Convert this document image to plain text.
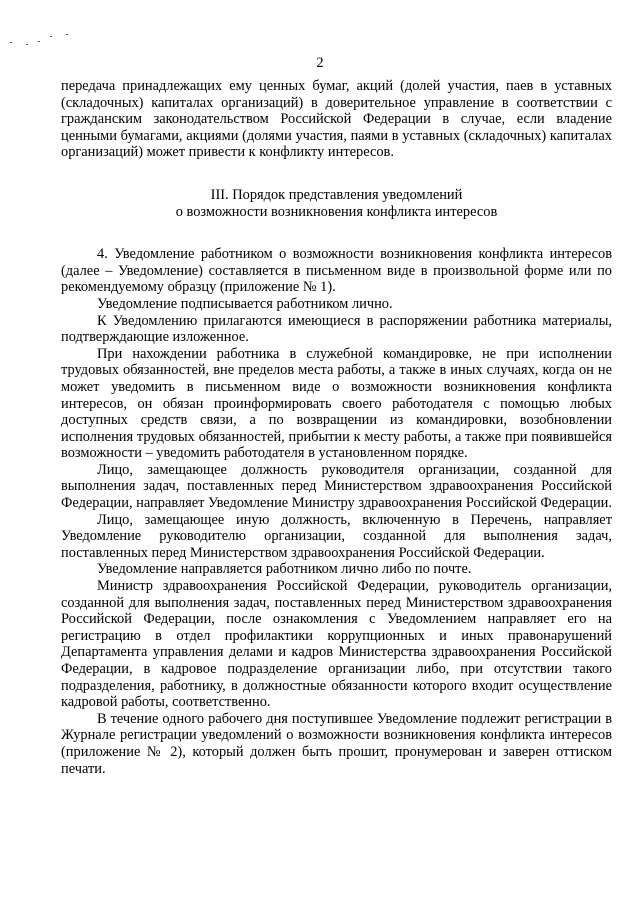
2

передача принадлежащих ему ценных бумаг, акций (долей участия, паев в уставных (складочных) капиталах организаций) в доверительное управление в соответствии с гражданским законодательством Российской Федерации в случае, если владение ценными бумагами, акциями (долями участия, паями в уставных (складочных) капиталах организаций) может привести к конфликту интересов.

III. Порядок представления уведомлений
о возможности возникновения конфликта интересов

4. Уведомление работником о возможности возникновения конфликта интересов (далее – Уведомление) составляется в письменном виде в произвольной форме или по рекомендуемому образцу (приложение № 1).

Уведомление подписывается работником лично.

К Уведомлению прилагаются имеющиеся в распоряжении работника материалы, подтверждающие изложенное.

При нахождении работника в служебной командировке, не при исполнении трудовых обязанностей, вне пределов места работы, а также в иных случаях, когда он не может уведомить в письменном виде о возможности возникновения конфликта интересов, он обязан проинформировать своего работодателя с помощью любых доступных средств связи, а по возвращении из командировки, возобновлении исполнения трудовых обязанностей, прибытии к месту работы, а также при появившейся возможности – уведомить работодателя в установленном порядке.

Лицо, замещающее должность руководителя организации, созданной для выполнения задач, поставленных перед Министерством здравоохранения Российской Федерации, направляет Уведомление Министру здравоохранения Российской Федерации.

Лицо, замещающее иную должность, включенную в Перечень, направляет Уведомление руководителю организации, созданной для выполнения задач, поставленных перед Министерством здравоохранения Российской Федерации.

Уведомление направляется работником лично либо по почте.

Министр здравоохранения Российской Федерации, руководитель организации, созданной для выполнения задач, поставленных перед Министерством здравоохранения Российской Федерации, после ознакомления с Уведомлением направляет его на регистрацию в отдел профилактики коррупционных и иных правонарушений Департамента управления делами и кадров Министерства здравоохранения Российской Федерации, в кадровое подразделение организации либо, при отсутствии такого подразделения, работнику, в должностные обязанности которого входит осуществление кадровой работы, соответственно.

В течение одного рабочего дня поступившее Уведомление подлежит регистрации в Журнале регистрации уведомлений о возможности возникновения конфликта интересов (приложение № 2), который должен быть прошит, пронумерован и заверен оттиском печати.
